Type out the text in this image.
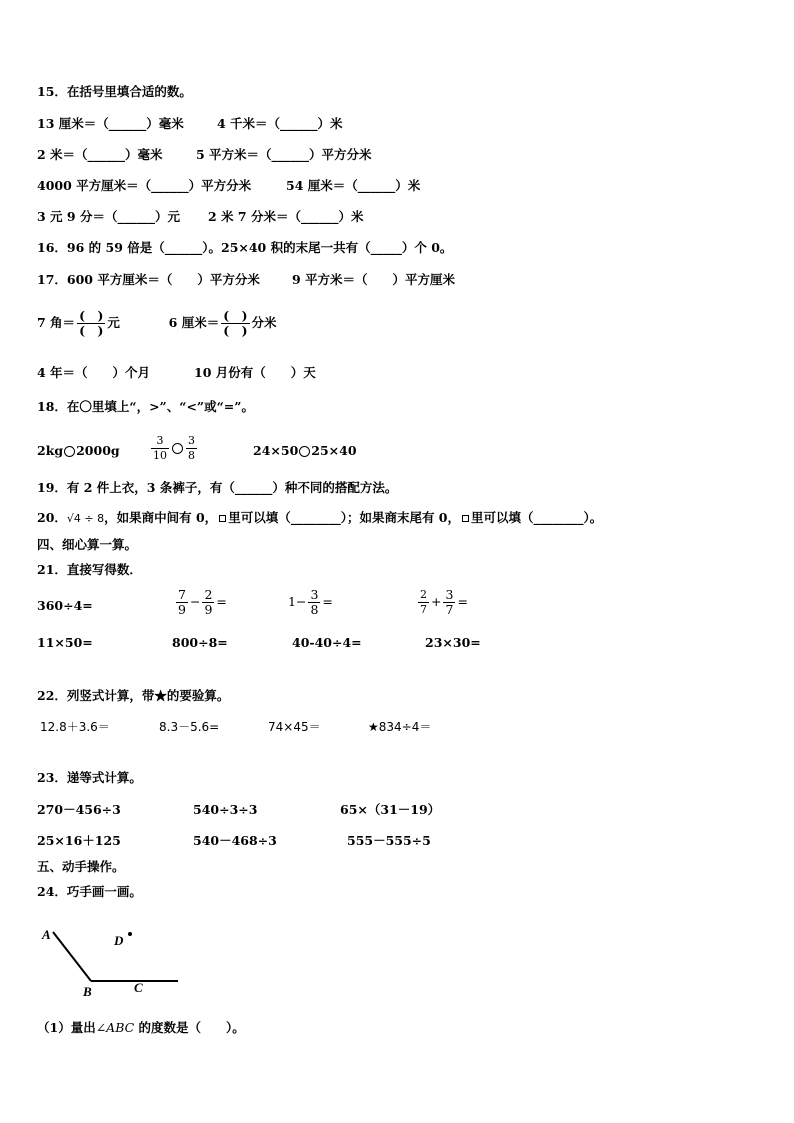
15．在括号里填合适的数。
13 厘米＝（______）毫米	4 千米＝（______）米
2 米＝（______）毫米	5 平方米＝（______）平方分米
4000 平方厘米＝（______）平方分米	54 厘米＝（______）米
3 元 9 分＝（______）元 2 米 7 分米＝（______）米
16．96 的 59 倍是（______）。25×40 积的末尾一共有（_____）个 0。
17．600 平方厘米＝（　　）平方分米	9 平方米＝（　　）平方厘米
7 角＝ $\frac{( )}{( )}$ 元	6 厘米＝ $\frac{( )}{( )}$ 分米
4 年＝（　　）个月	10 月份有（　　）天
18．在〇里填上“，>”、“<”或“=”。
2kg 2000g	$\frac{3}{10} \frac{3}{8}$	24×50 25×40
19．有 2 件上衣，3 条裤子，有（______）种不同的搭配方法。
20．√4 ÷ 8，如果商中间有 0， 里可以填（________）；如果商末尾有 0， 里可以填（________）。
四、细心算一算。
21．直接写得数．
360÷4=	$\frac{7}{9} - \frac{2}{9}$ =	$1- \frac{3}{8}$ =	$\frac{2}{7} + \frac{3}{7}$ =
11×50=	800÷8=	40-40÷4=	23×30=
22．列竖式计算，带★的要验算。
12.8＋3.6＝	8.3－5.6=	74×45＝	★834÷4＝
23．递等式计算。
270－456÷3	540÷3÷3	65×（31－19）
25×16＋125	540－468÷3	555－555÷5
五、动手操作。
24．巧手画一画。
A
B	C
D
（1）量出∠ABC 的度数是（　　）。
